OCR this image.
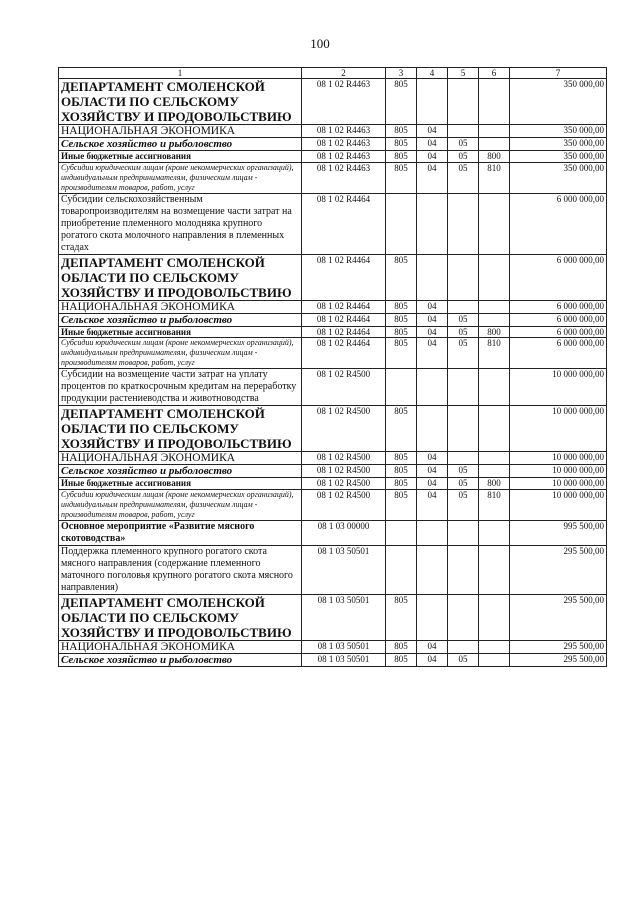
100
1	2	3	4	5	6	7
ДЕПАРТАМЕНТ СМОЛЕНСКОЙ ОБЛАСТИ ПО СЕЛЬСКОМУ ХОЗЯЙСТВУ И ПРОДОВОЛЬСТВИЮ	08 1 02 R4463	805				350 000,00
НАЦИОНАЛЬНАЯ ЭКОНОМИКА	08 1 02 R4463	805	04			350 000,00
Сельское хозяйство и рыболовство	08 1 02 R4463	805	04	05		350 000,00
Иные бюджетные ассигнования	08 1 02 R4463	805	04	05	800	350 000,00
Субсидии юридическим лицам (кроме некоммерческих организаций), индивидуальным предпринимателям, физическим лицам - производителям товаров, работ, услуг	08 1 02 R4463	805	04	05	810	350 000,00
Субсидии сельскохозяйственным товаропроизводителям на возмещение части затрат на приобретение племенного молодняка крупного рогатого скота молочного направления в племенных стадах	08 1 02 R4464					6 000 000,00
ДЕПАРТАМЕНТ СМОЛЕНСКОЙ ОБЛАСТИ ПО СЕЛЬСКОМУ ХОЗЯЙСТВУ И ПРОДОВОЛЬСТВИЮ	08 1 02 R4464	805				6 000 000,00
НАЦИОНАЛЬНАЯ ЭКОНОМИКА	08 1 02 R4464	805	04			6 000 000,00
Сельское хозяйство и рыболовство	08 1 02 R4464	805	04	05		6 000 000,00
Иные бюджетные ассигнования	08 1 02 R4464	805	04	05	800	6 000 000,00
Субсидии юридическим лицам (кроме некоммерческих организаций), индивидуальным предпринимателям, физическим лицам - производителям товаров, работ, услуг	08 1 02 R4464	805	04	05	810	6 000 000,00
Субсидии на возмещение части затрат на уплату процентов по краткосрочным кредитам на переработку продукции растениеводства и животноводства	08 1 02 R4500					10 000 000,00
ДЕПАРТАМЕНТ СМОЛЕНСКОЙ ОБЛАСТИ ПО СЕЛЬСКОМУ ХОЗЯЙСТВУ И ПРОДОВОЛЬСТВИЮ	08 1 02 R4500	805				10 000 000,00
НАЦИОНАЛЬНАЯ ЭКОНОМИКА	08 1 02 R4500	805	04			10 000 000,00
Сельское хозяйство и рыболовство	08 1 02 R4500	805	04	05		10 000 000,00
Иные бюджетные ассигнования	08 1 02 R4500	805	04	05	800	10 000 000,00
Субсидии юридическим лицам (кроме некоммерческих организаций), индивидуальным предпринимателям, физическим лицам - производителям товаров, работ, услуг	08 1 02 R4500	805	04	05	810	10 000 000,00
Основное мероприятие «Развитие мясного скотоводства»	08 1 03 00000					995 500,00
Поддержка племенного крупного рогатого скота мясного направления (содержание племенного маточного поголовья крупного рогатого скота мясного направления)	08 1 03 50501					295 500,00
ДЕПАРТАМЕНТ СМОЛЕНСКОЙ ОБЛАСТИ ПО СЕЛЬСКОМУ ХОЗЯЙСТВУ И ПРОДОВОЛЬСТВИЮ	08 1 03 50501	805				295 500,00
НАЦИОНАЛЬНАЯ ЭКОНОМИКА	08 1 03 50501	805	04			295 500,00
Сельское хозяйство и рыболовство	08 1 03 50501	805	04	05		295 500,00
